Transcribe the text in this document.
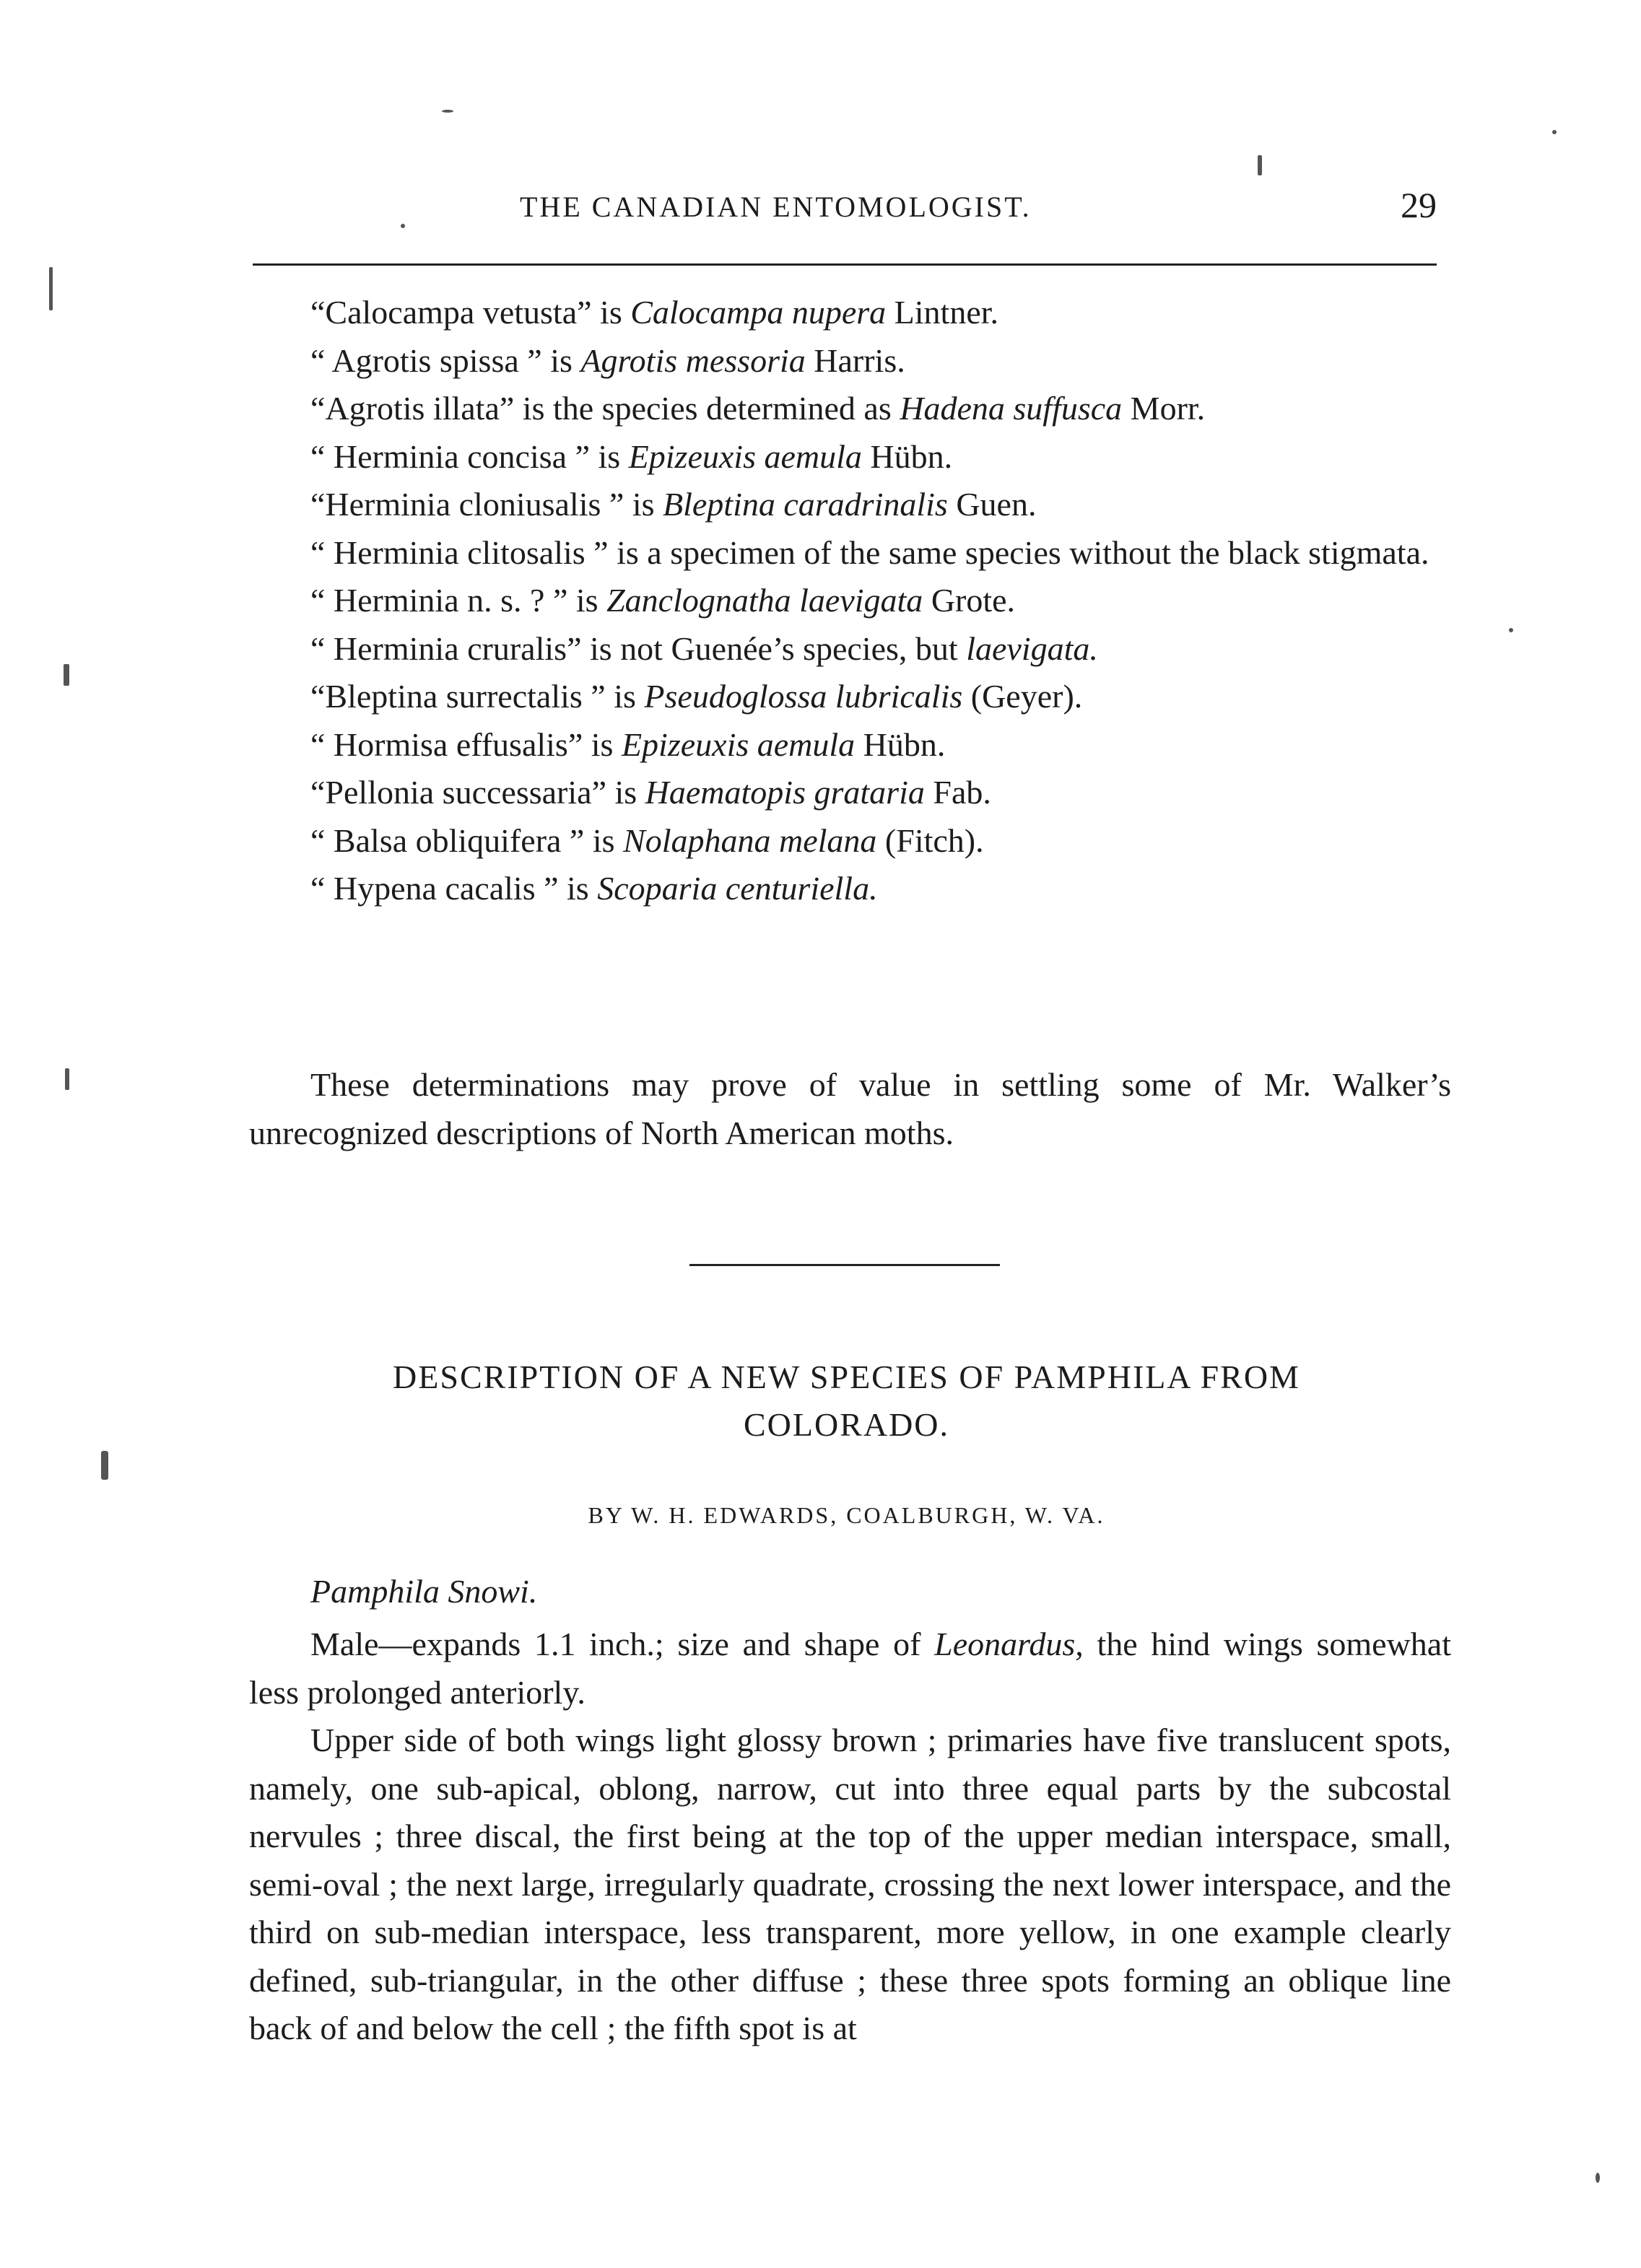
THE CANADIAN ENTOMOLOGIST.	29

“Calocampa vetusta” is Calocampa nupera Lintner.

“ Agrotis spissa ” is Agrotis messoria Harris.

“Agrotis illata” is the species determined as Hadena suffusca Morr.

“ Herminia concisa ” is Epizeuxis aemula Hübn.

“Herminia cloniusalis ” is Bleptina caradrinalis Guen.

“ Herminia clitosalis ” is a specimen of the same species without the black stigmata.

“ Herminia n. s. ? ” is Zanclognatha laevigata Grote.

“ Herminia cruralis” is not Guenée’s species, but laevigata.

“Bleptina surrectalis ” is Pseudoglossa lubricalis (Geyer).

“ Hormisa effusalis” is Epizeuxis aemula Hübn.

“Pellonia successaria” is Haematopis grataria Fab.

“ Balsa obliquifera ” is Nolaphana melana (Fitch).

“ Hypena cacalis ” is Scoparia centuriella.

These determinations may prove of value in settling some of Mr. Walker’s unrecognized descriptions of North American moths.

DESCRIPTION OF A NEW SPECIES OF PAMPHILA FROM
COLORADO.
BY W. H. EDWARDS, COALBURGH, W. VA.
Pamphila Snowi.

Male—expands 1.1 inch.; size and shape of Leonardus, the hind wings somewhat less prolonged anteriorly.

Upper side of both wings light glossy brown ; primaries have five translucent spots, namely, one sub-apical, oblong, narrow, cut into three equal parts by the subcostal nervules ; three discal, the first being at the top of the upper median interspace, small, semi-oval ; the next large, irregularly quadrate, crossing the next lower interspace, and the third on sub-median interspace, less transparent, more yellow, in one example clearly defined, sub-triangular, in the other diffuse ; these three spots forming an oblique line back of and below the cell ; the fifth spot is at
